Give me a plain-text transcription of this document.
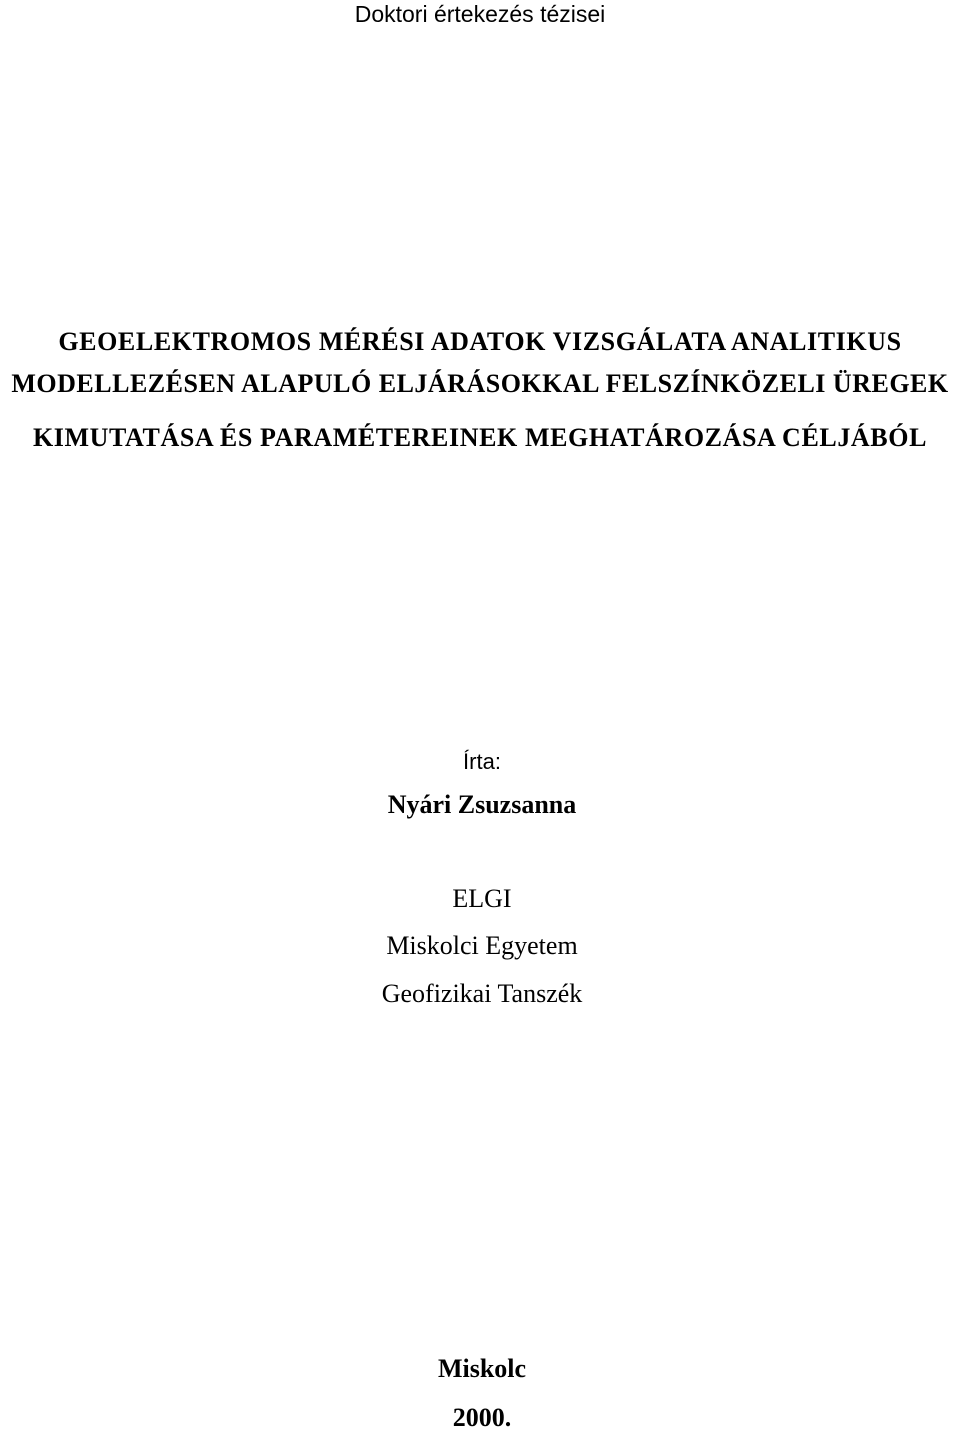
Doktori értekezés tézisei
GEOELEKTROMOS MÉRÉSI ADATOK VIZSGÁLATA ANALITIKUS
MODELLEZÉSEN ALAPULÓ ELJÁRÁSOKKAL FELSZÍNKÖZELI ÜREGEK
KIMUTATÁSA ÉS PARAMÉTEREINEK MEGHATÁROZÁSA CÉLJÁBÓL
Írta:
Nyári Zsuzsanna
ELGI
Miskolci Egyetem
Geofizikai Tanszék
Miskolc
2000.
